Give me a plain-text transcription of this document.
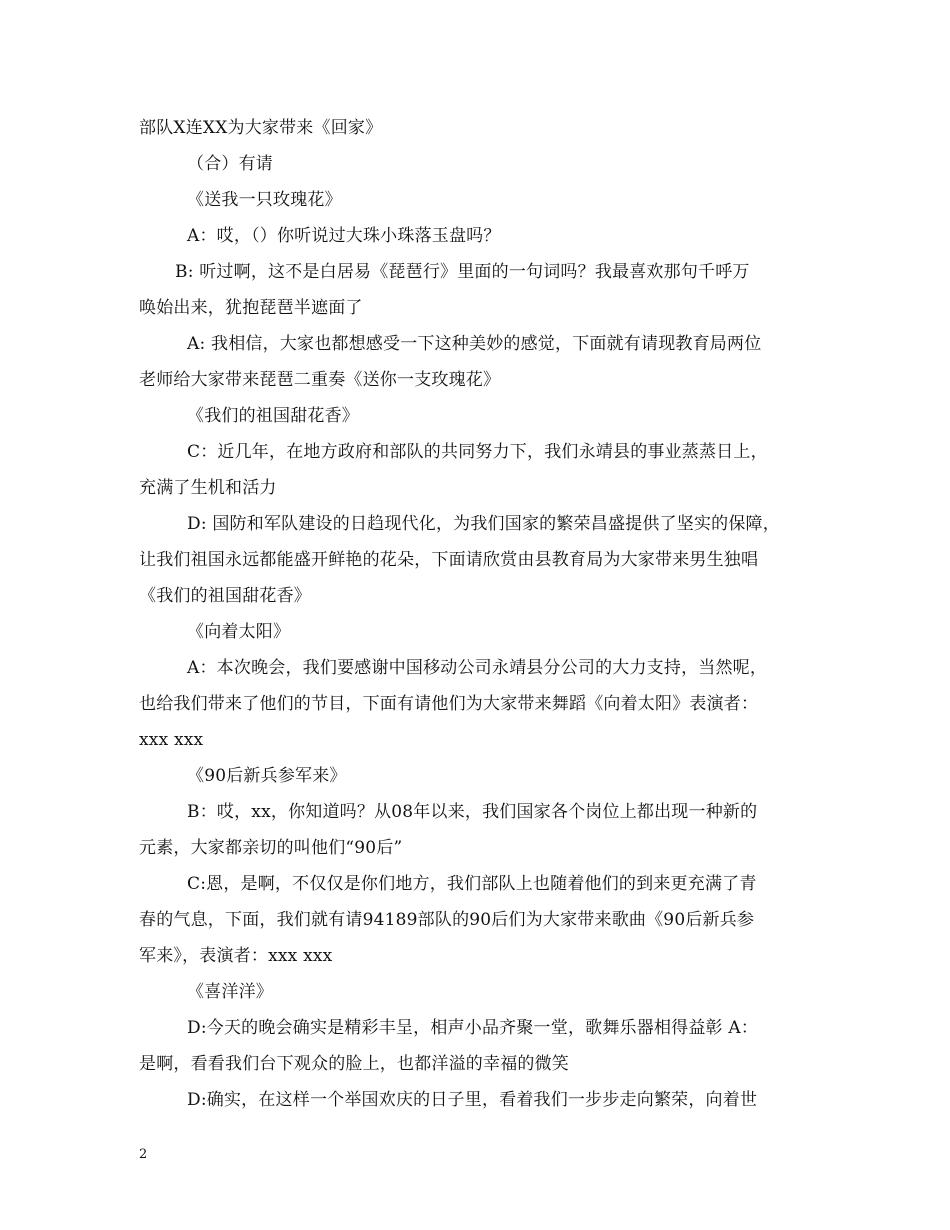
部队X连XX为大家带来《回家》
（合）有请
《送我一只玫瑰花》
A：哎，（）你听说过大珠小珠落玉盘吗？
B: 听过啊，这不是白居易《琵琶行》里面的一句词吗？我最喜欢那句千呼万
唤始出来，犹抱琵琶半遮面了
A: 我相信，大家也都想感受一下这种美妙的感觉，下面就有请现教育局两位
老师给大家带来琵琶二重奏《送你一支玫瑰花》
《我们的祖国甜花香》
C：近几年，在地方政府和部队的共同努力下，我们永靖县的事业蒸蒸日上，
充满了生机和活力
D: 国防和军队建设的日趋现代化，为我们国家的繁荣昌盛提供了坚实的保障，
让我们祖国永远都能盛开鲜艳的花朵，下面请欣赏由县教育局为大家带来男生独唱
《我们的祖国甜花香》
《向着太阳》
A：本次晚会，我们要感谢中国移动公司永靖县分公司的大力支持，当然呢，
也给我们带来了他们的节目，下面有请他们为大家带来舞蹈《向着太阳》表演者：
xxx xxx
《90后新兵参军来》
B：哎，xx，你知道吗？从08年以来，我们国家各个岗位上都出现一种新的
元素，大家都亲切的叫他们“90后”
C:恩，是啊，不仅仅是你们地方，我们部队上也随着他们的到来更充满了青
春的气息，下面，我们就有请94189部队的90后们为大家带来歌曲《90后新兵参
军来》，表演者：xxx xxx
《喜洋洋》
D:今天的晚会确实是精彩丰呈，相声小品齐聚一堂，歌舞乐器相得益彰 A：
是啊，看看我们台下观众的脸上，也都洋溢的幸福的微笑
D:确实，在这样一个举国欢庆的日子里，看着我们一步步走向繁荣，向着世
2
